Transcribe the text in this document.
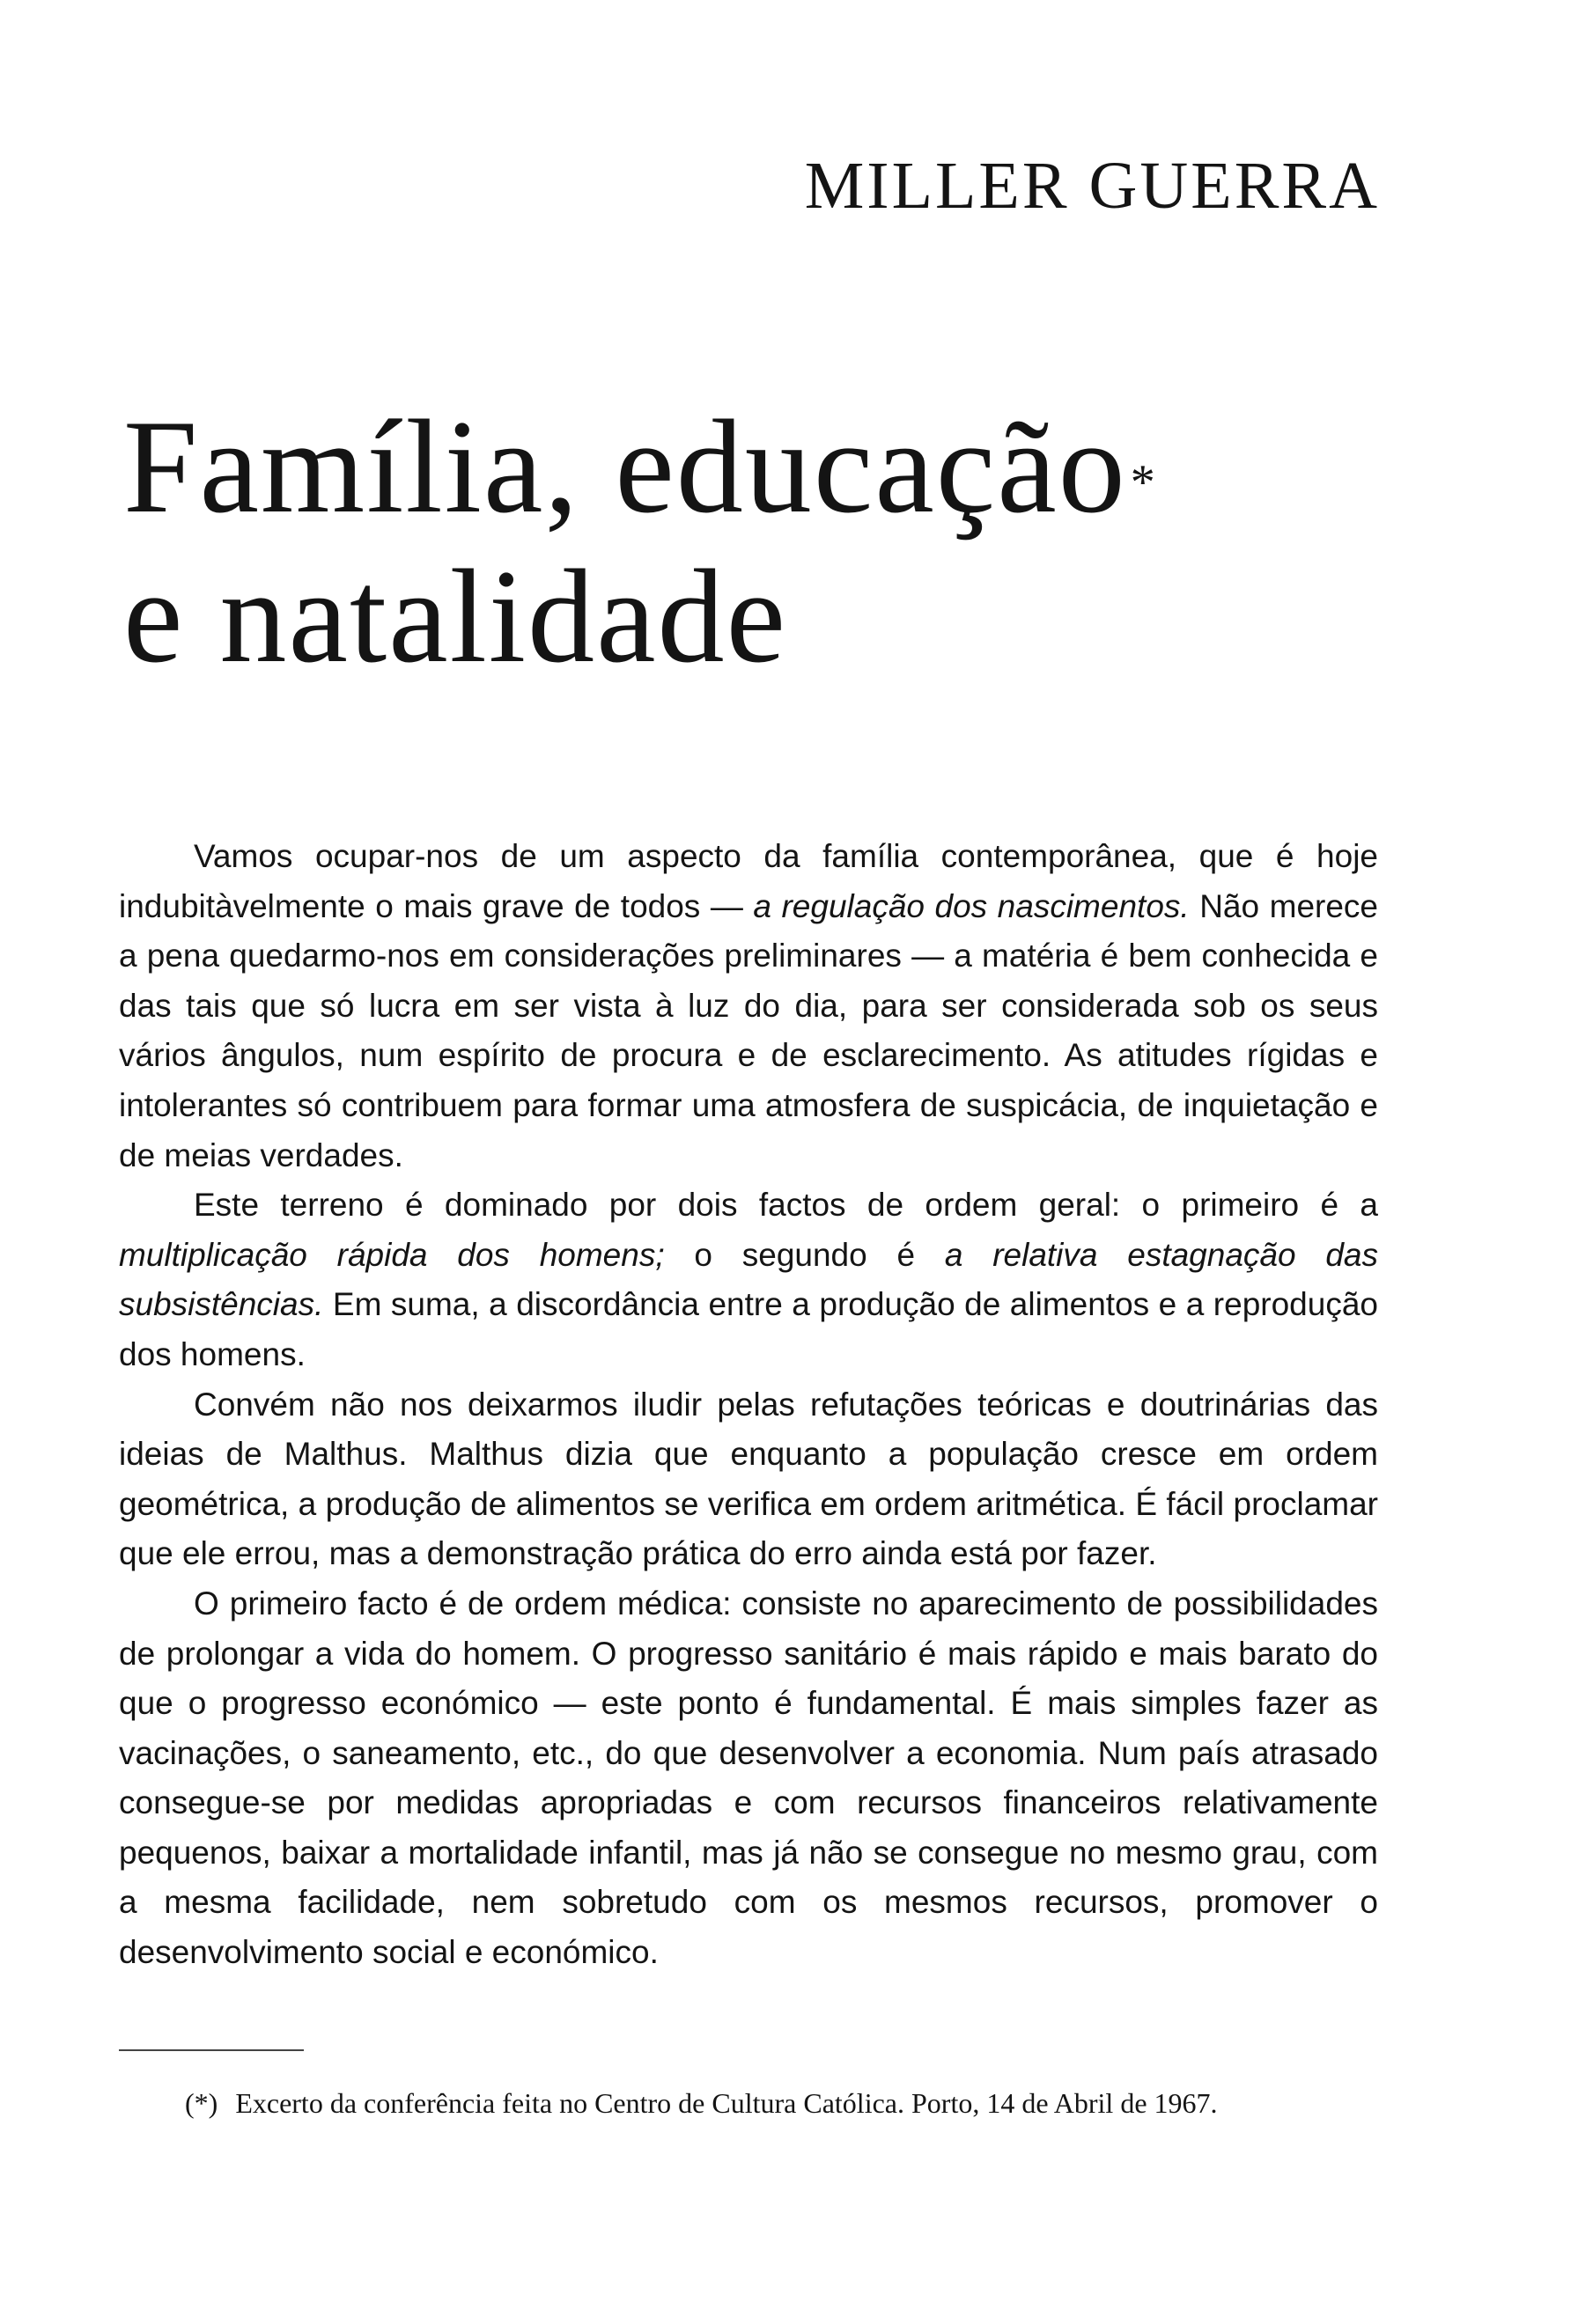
MILLER GUERRA
Família, educação*
e natalidade

Vamos ocupar-nos de um aspecto da família contemporânea, que é hoje indubitàvelmente o mais grave de todos — a regulação dos nascimentos. Não merece a pena quedarmo-nos em considerações preliminares — a matéria é bem conhecida e das tais que só lucra em ser vista à luz do dia, para ser considerada sob os seus vários ângulos, num espírito de procura e de esclarecimento. As atitudes rígidas e intolerantes só contribuem para formar uma atmosfera de suspicácia, de inquietação e de meias verdades.

Este terreno é dominado por dois factos de ordem geral: o primeiro é a multiplicação rápida dos homens; o segundo é a relativa estagnação das subsistências. Em suma, a discordância entre a produção de alimentos e a reprodução dos homens.

Convém não nos deixarmos iludir pelas refutações teóricas e doutrinárias das ideias de Malthus. Malthus dizia que enquanto a população cresce em ordem geométrica, a produção de alimentos se verifica em ordem aritmética. É fácil proclamar que ele errou, mas a demonstração prática do erro ainda está por fazer.

O primeiro facto é de ordem médica: consiste no aparecimento de possibilidades de prolongar a vida do homem. O progresso sanitário é mais rápido e mais barato do que o progresso económico — este ponto é fundamental. É mais simples fazer as vacinações, o saneamento, etc., do que desenvolver a economia. Num país atrasado consegue-se por medidas apropriadas e com recursos financeiros relativamente pequenos, baixar a mortalidade infantil, mas já não se consegue no mesmo grau, com a mesma facilidade, nem sobretudo com os mesmos recursos, promover o desenvolvimento social e económico.

(*) Excerto da conferência feita no Centro de Cultura Católica. Porto, 14 de Abril de 1967.
